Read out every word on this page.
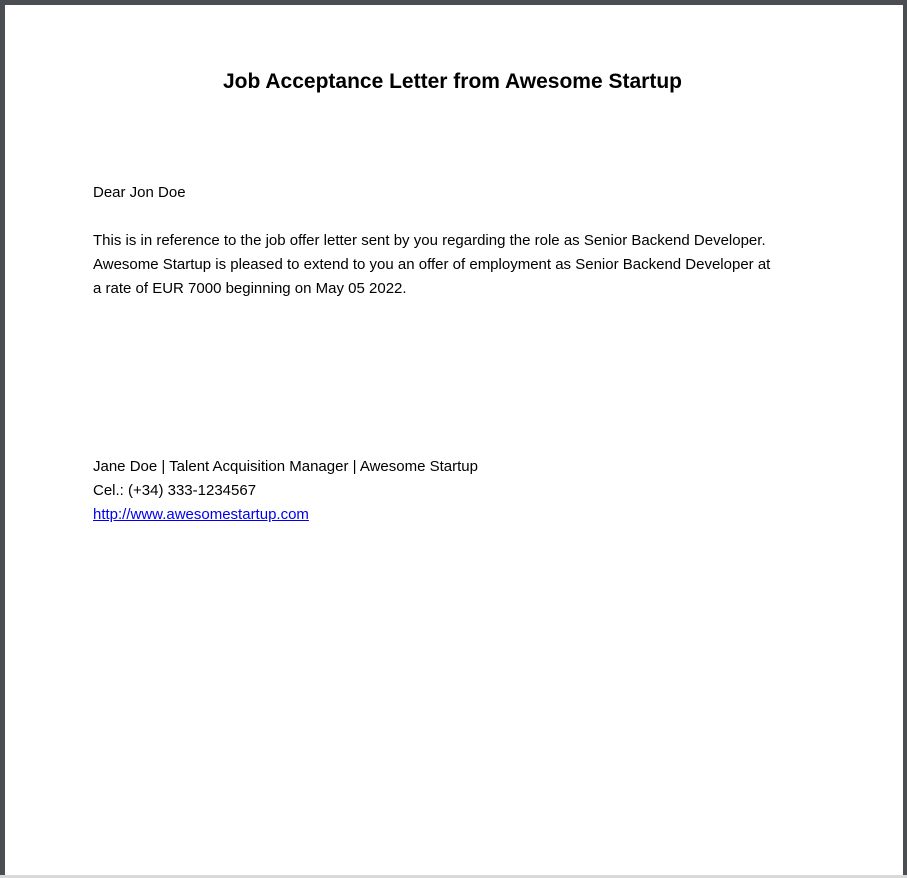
Job Acceptance Letter from Awesome Startup
Dear Jon Doe
This is in reference to the job offer letter sent by you regarding the role as Senior Backend Developer.
Awesome Startup is pleased to extend to you an offer of employment as Senior Backend Developer at
a rate of EUR 7000 beginning on May 05 2022.
Jane Doe | Talent Acquisition Manager | Awesome Startup
Cel.: (+34) 333-1234567
http://www.awesomestartup.com
